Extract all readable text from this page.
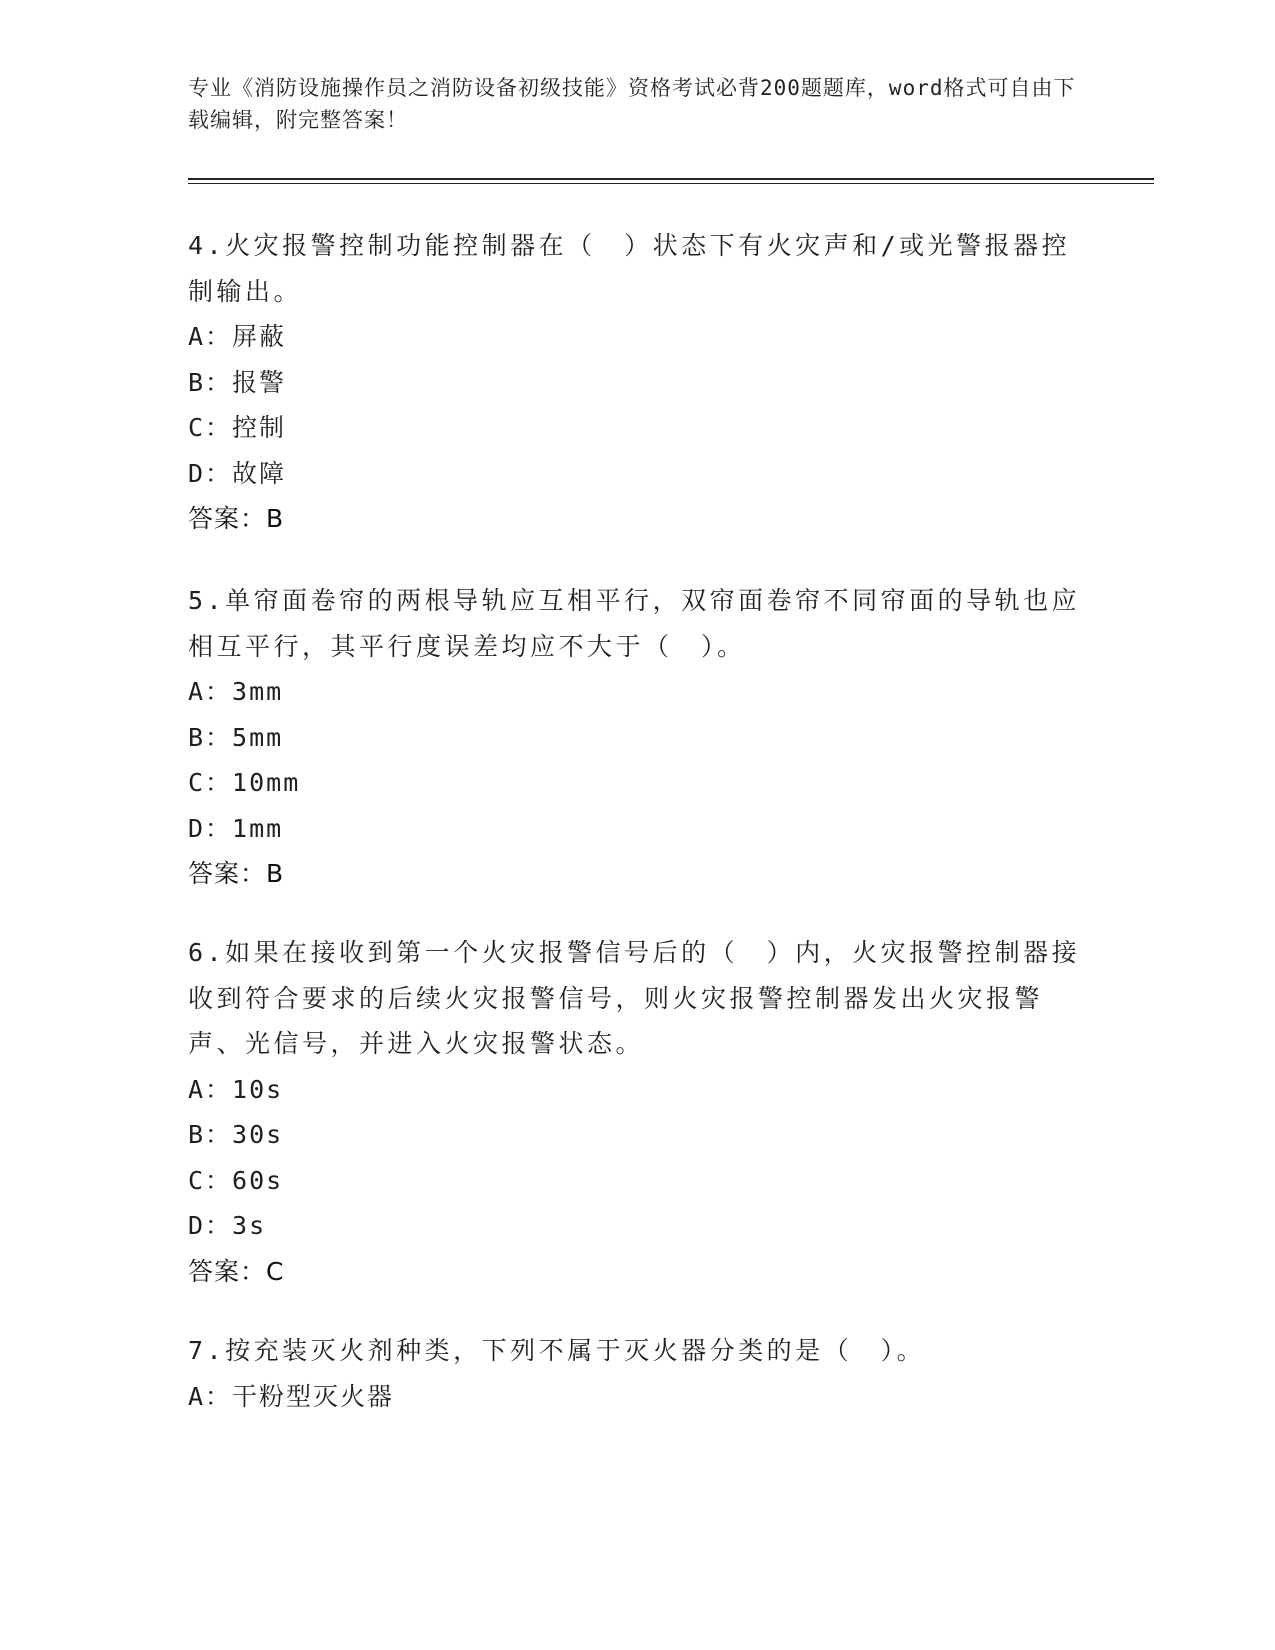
专业《消防设施操作员之消防设备初级技能》资格考试必背200题题库，word格式可自由下载编辑，附完整答案！
4.火灾报警控制功能控制器在（　）状态下有火灾声和/或光警报器控制输出。
A：屏蔽
B：报警
C：控制
D：故障
答案：B
5.单帘面卷帘的两根导轨应互相平行，双帘面卷帘不同帘面的导轨也应相互平行，其平行度误差均应不大于（　）。
A：3mm
B：5mm
C：10mm
D：1mm
答案：B
6.如果在接收到第一个火灾报警信号后的（　）内，火灾报警控制器接收到符合要求的后续火灾报警信号，则火灾报警控制器发出火灾报警声、光信号，并进入火灾报警状态。
A：10s
B：30s
C：60s
D：3s
答案：C
7.按充装灭火剂种类，下列不属于灭火器分类的是（　）。
A：干粉型灭火器
